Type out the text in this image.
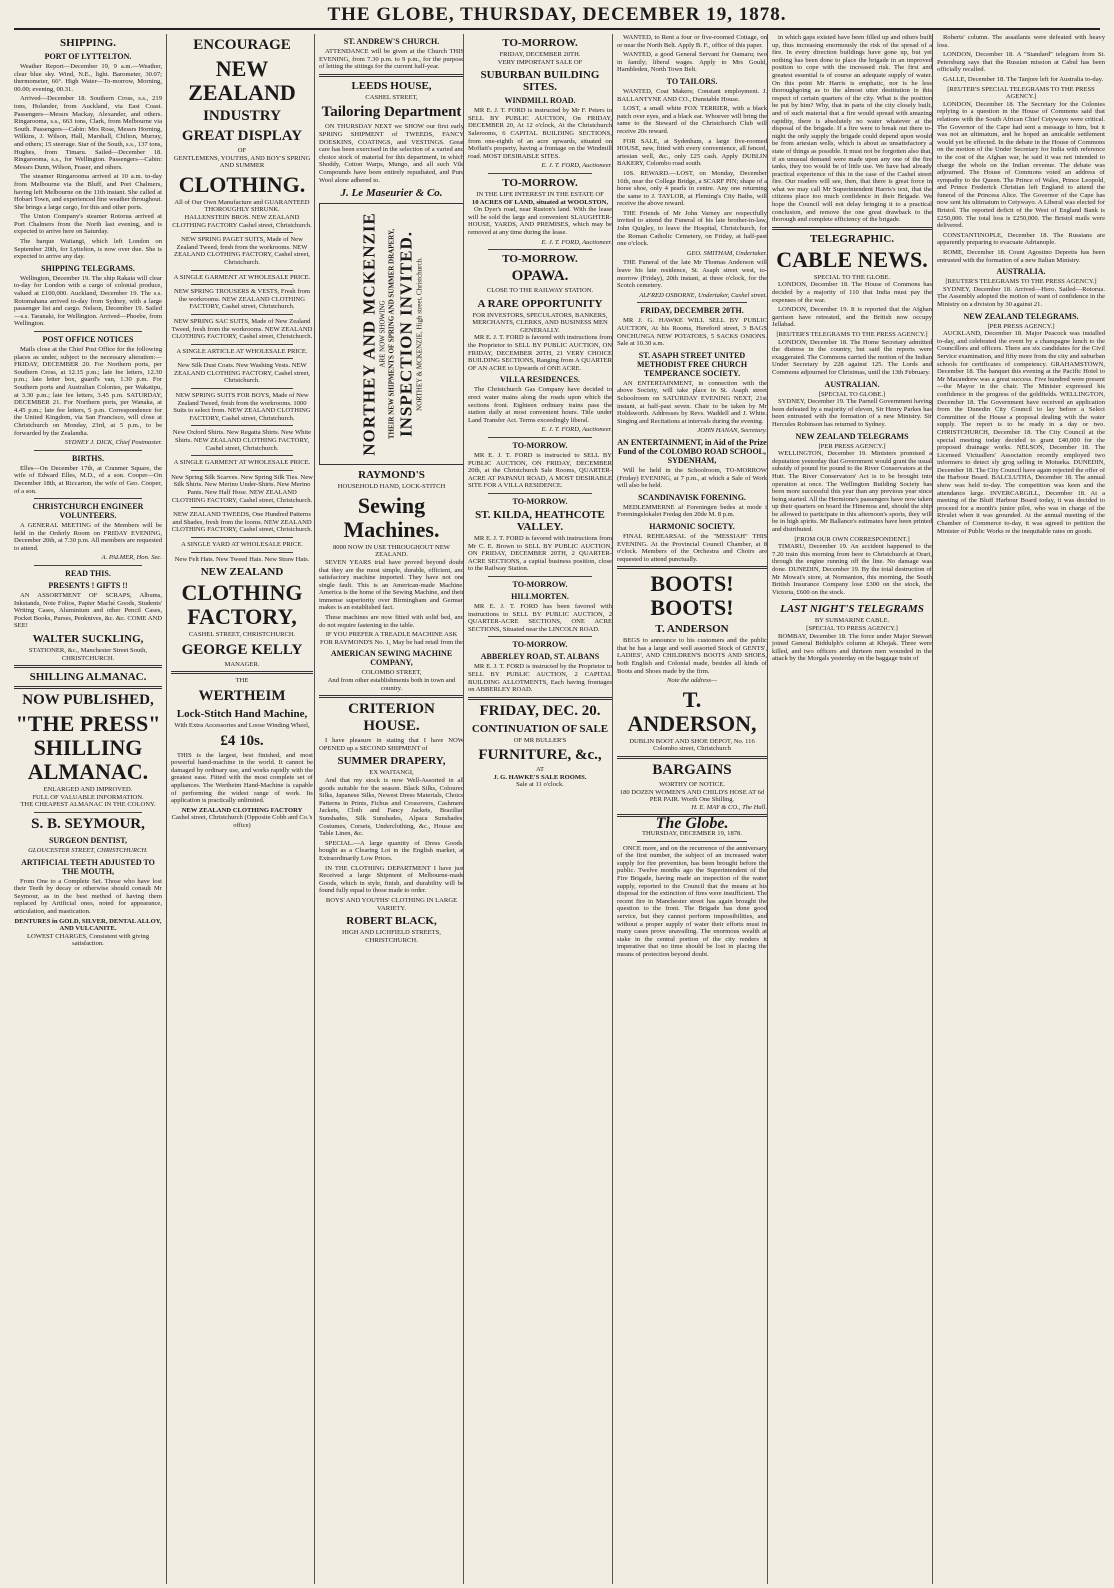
THE GLOBE, THURSDAY, DECEMBER 19, 1878.
SHIPPING.
PORT OF LYTTELTON.
Weather Report—December 19, 9 a.m.—Weather, clear blue sky. Wind, N.E., light. Barometer, 30.07; thermometer, 66°. High Water—To-morrow, Morning, 00.00; evening, 00.31.
Arrived—December 18. Southern Cross, s.s., 219 tons, Holander, from Auckland, via East Coast. Passengers—Messrs Mackay, Alexander, and others. Ringarooma, s.s., 663 tons, Clark, from Melbourne via South. Passengers—Cabin: Mrs Rose, Messrs Horning, Wilkins, J. Wilson, Hall, Marshall, Chilton, Murray, and others; 15 steerage. Star of the South, s.s., 137 tons, Hughes, from Timaru. Sailed—December 18. Ringarooma, s.s., for Wellington. Passengers—Cabin: Messrs Dunn, Wilson, Fraser, and others.
The steamer Ringarooma arrived at 10 a.m. to-day from Melbourne via the Bluff, and Port Chalmers, having left Melbourne on the 11th instant. She called at Hobart Town, and experienced fine weather throughout. She brings a large cargo, for this and other ports.
The Union Company's steamer Rotorua arrived at Port Chalmers from the North last evening, and is expected to arrive here on Saturday.
The barque Waitangi, which left London on September 20th, for Lyttelton, is now over due. She is expected to arrive any day.
SHIPPING TELEGRAMS.
Wellington, December 19. The ship Rakaia will clear to-day for London with a cargo of colonial produce, valued at £100,000. Auckland, December 19. The s.s. Rotomahana arrived to-day from Sydney, with a large passenger list and cargo. Nelson, December 19. Sailed—s.s. Taranaki, for Wellington. Arrived—Phoebe, from Wellington.
POST OFFICE NOTICES
Mails close at the Chief Post Office for the following places as under, subject to the necessary alteration:— FRIDAY, DECEMBER 20. For Northern ports, per Southern Cross, at 12.15 p.m.; late fee letters, 12.30 p.m.; late letter box, guard's van, 1.30 p.m. For Southern ports and Australian Colonies, per Wakatipu, at 3.30 p.m.; late fee letters, 3.45 p.m. SATURDAY, DECEMBER 21. For Northern ports, per Wanaka, at 4.45 p.m.; late fee letters, 5 p.m. Correspondence for the United Kingdom, via San Francisco, will close at Christchurch on Monday, 23rd, at 5 p.m., to be forwarded by the Zealandia.
SYDNEY J. DICK, Chief Postmaster.
BIRTHS.
Elles—On December 17th, at Cranmer Square, the wife of Edward Elles, M.D., of a son. Cooper—On December 18th, at Riccarton, the wife of Geo. Cooper, of a son.
CHRISTCHURCH ENGINEER VOLUNTEERS.
A GENERAL MEETING of the Members will be held in the Orderly Room on FRIDAY EVENING, December 20th, at 7.30 p.m. All members are requested to attend.
A. PALMER, Hon. Sec.
READ THIS.
PRESENTS ! GIFTS !!
AN ASSORTMENT OF SCRAPS, Albums, Inkstands, Note Folios, Papier Maché Goods, Students' Writing Cases, Aluminium and other Pencil Cases, Pocket Books, Purses, Penknives, &c. &c. COME AND SEE!
WALTER SUCKLING,
STATIONER, &c., Manchester Street South, CHRISTCHURCH.
SHILLING ALMANAC.
NOW PUBLISHED,
"THE PRESS" SHILLING ALMANAC.
ENLARGED AND IMPROVED.
FULL OF VALUABLE INFORMATION.
THE CHEAPEST ALMANAC IN THE COLONY.
S. B. SEYMOUR,
SURGEON DENTIST,
GLOUCESTER STREET, CHRISTCHURCH.
ARTIFICIAL TEETH ADJUSTED TO THE MOUTH,
From One to a Complete Set. Those who have lost their Teeth by decay or otherwise should consult Mr Seymour, as in the best method of having them replaced by Artificial ones, noted for appearance, articulation, and mastication.
DENTURES in GOLD, SILVER, DENTAL ALLOY, AND VULCANITE.
LOWEST CHARGES, Consistent with giving satisfaction.
ENCOURAGE
NEW ZEALAND
INDUSTRY
GREAT DISPLAY
OF
GENTLEMENS, YOUTHS, AND BOY'S SPRING AND SUMMER
CLOTHING.
All of Our Own Manufacture and GUARANTEED THOROUGHLY SHRUNK.
HALLENSTEIN BROS. NEW ZEALAND CLOTHING FACTORY Cashel street, Christchurch.
NEW SPRING PAGET SUITS, Made of New Zealand Tweed, fresh from the workrooms. NEW ZEALAND CLOTHING FACTORY, Cashel street, Christchurch.
A SINGLE GARMENT AT WHOLESALE PRICE.
NEW SPRING TROUSERS & VESTS, Fresh from the workrooms. NEW ZEALAND CLOTHING FACTORY, Cashel street, Christchurch.
NEW SPRING SAC SUITS, Made of New Zealand Tweed, fresh from the workrooms. NEW ZEALAND CLOTHING FACTORY, Cashel street, Christchurch.
A SINGLE ARTICLE AT WHOLESALE PRICE.
New Silk Dust Coats. New Washing Vests. NEW ZEALAND CLOTHING FACTORY, Cashel street, Christchurch.
NEW SPRING SUITS FOR BOYS, Made of New Zealand Tweed, fresh from the workrooms. 1000 Suits to select from. NEW ZEALAND CLOTHING FACTORY, Cashel street, Christchurch.
New Oxford Shirts. New Regatta Shirts. New White Shirts. NEW ZEALAND CLOTHING FACTORY, Cashel street, Christchurch.
A SINGLE GARMENT AT WHOLESALE PRICE.
New Spring Silk Scarves. New Spring Silk Ties. New Silk Shirts. New Merino Under-Shirts. New Merino Pants. New Half Hose. NEW ZEALAND CLOTHING FACTORY, Cashel street, Christchurch.
NEW ZEALAND TWEEDS, One Hundred Patterns and Shades, fresh from the looms. NEW ZEALAND CLOTHING FACTORY, Cashel street, Christchurch.
A SINGLE YARD AT WHOLESALE PRICE.
New Felt Hats. New Tweed Hats. New Straw Hats.
NEW ZEALAND
CLOTHING FACTORY,
CASHEL STREET, CHRISTCHURCH.
GEORGE KELLY
MANAGER.
THE
WERTHEIM
Lock-Stitch Hand Machine,
With Extra Accessories and Loose Winding Wheel,
£4 10s.
THIS is the largest, best finished, and most powerful hand-machine in the world. It cannot be damaged by ordinary use, and works rapidly with the greatest ease. Fitted with the most complete set of appliances. The Wertheim Hand-Machine is capable of performing the widest range of work. Its application is practically unlimited.
NEW ZEALAND CLOTHING FACTORY
Cashel street, Christchurch (Opposite Cobb and Co.'s office)
ST. ANDREW'S CHURCH.
ATTENDANCE will be given at the Church THIS EVENING, from 7.30 p.m. to 9 p.m., for the purpose of letting the sittings for the current half-year.
LEEDS HOUSE,
CASHEL STREET,
Tailoring Department
ON THURSDAY NEXT we SHOW our first early SPRING SHIPMENT of TWEEDS, FANCY DOESKINS, COATINGS, and VESTINGS. Great care has been exercised in the selection of a varied and choice stock of material for this department, in which Shoddy, Cotton Warps, Mungo, and all such Vile Compounds have been entirely repudiated, and Pure Wool alone adhered to.
J. Le Maseurier & Co.
NORTHEY AND MCKENZIE ARE NOW SHOWING THEIR NEW SHIPMENTS OF SPRING AND SUMMER DRAPERY, INSPECTION INVITED. NORTHEY & MCKENZIE, High street, Christchurch.
RAYMOND'S
HOUSEHOLD HAND, LOCK-STITCH
Sewing Machines.
8000 NOW IN USE THROUGHOUT NEW ZEALAND.
SEVEN YEARS trial have proved beyond doubt that they are the most simple, durable, efficient, and satisfactory machine imported. They have not one single fault. This is an American-made Machine. America is the home of the Sewing Machine, and their immense superiority over Birmingham and German makes is an established fact.
These machines are now fitted with solid bed, and do not require fastening to the table.
IF YOU PREFER A TREADLE MACHINE ASK FOR RAYMOND'S No. 1, May be had retail from the
AMERICAN SEWING MACHINE COMPANY,
COLOMBO STREET,
And from other establishments both in town and country.
CRITERION HOUSE.
I have pleasure in stating that I have NOW OPENED up a SECOND SHIPMENT of
SUMMER DRAPERY,
EX WAITANGI,
And that my stock is now Well-Assorted in all goods suitable for the season. Black Silks, Coloured Silks, Japanese Silks, Newest Dress Materials, Choice Patterns in Prints, Fichus and Crossovers, Cashmere Jackets, Cloth and Fancy Jackets, Brazilian Sunshades, Silk Sunshades, Alpaca Sunshades, Costumes, Corsets, Underclothing, &c., House and Table Linen, &c.
SPECIAL.—A large quantity of Dress Goods, bought as a Clearing Lot in the English market, at Extraordinarily Low Prices.
IN THE CLOTHING DEPARTMENT I have just Received a large Shipment of Melbourne-made Goods, which in style, finish, and durability will be found fully equal to those made to order.
BOYS' AND YOUTHS' CLOTHING IN LARGE VARIETY.
ROBERT BLACK,
HIGH AND LICHFIELD STREETS, CHRISTCHURCH.
TO-MORROW.
FRIDAY, DECEMBER 20TH.
VERY IMPORTANT SALE OF
SUBURBAN BUILDING SITES.
WINDMILL ROAD.
MR E. J. T. FORD is instructed by Mr F. Peters to SELL BY PUBLIC AUCTION, On FRIDAY, DECEMBER 20, At 12 o'clock, At the Christchurch Salerooms, 6 CAPITAL BUILDING SECTIONS, from one-eighth of an acre upwards, situated on Moffatt's property, having a frontage on the Windmill road. MOST DESIRABLE SITES.
E. J. T. FORD, Auctioneer.
TO-MORROW.
IN THE LIFE INTEREST IN THE ESTATE OF
10 ACRES OF LAND, situated at WOOLSTON,
On Dyer's road, near Ruston's land. With the lease will be sold the large and convenient SLAUGHTER-HOUSE, YARDS, AND PREMISES, which may be removed at any time during the lease.
E. J. T. FORD, Auctioneer.
TO-MORROW.
OPAWA.
CLOSE TO THE RAILWAY STATION.
A RARE OPPORTUNITY
FOR INVESTORS, SPECULATORS, BANKERS, MERCHANTS, CLERKS, AND BUSINESS MEN GENERALLY.
MR E. J. T. FORD is favored with instructions from the Proprietor to SELL BY PUBLIC AUCTION, ON FRIDAY, DECEMBER 20TH, 21 VERY CHOICE BUILDING SECTIONS, Ranging from A QUARTER OF AN ACRE to Upwards of ONE ACRE.
VILLA RESIDENCES.
The Christchurch Gas Company have decided to erect water mains along the roads upon which the sections front. Eighteen ordinary trains pass the station daily at most convenient hours. Title under Land Transfer Act. Terms exceedingly liberal.
E. J. T. FORD, Auctioneer.
TO-MORROW.
MR E. J. T. FORD is instructed to SELL BY PUBLIC AUCTION, ON FRIDAY, DECEMBER 20th, at the Christchurch Sale Rooms, QUARTER-ACRE AT PAPANUI ROAD, A MOST DESIRABLE SITE FOR A VILLA RESIDENCE.
TO-MORROW.
ST. KILDA, HEATHCOTE VALLEY.
MR E. J. T. FORD is favored with instructions from Mr C. E. Brown to SELL BY PUBLIC AUCTION, ON FRIDAY, DECEMBER 20TH, 2 QUARTER-ACRE SECTIONS, a capital business position, close to the Railway Station.
TO-MORROW.
HILLMORTEN.
MR E. J. T. FORD has been favored with instructions to SELL BY PUBLIC AUCTION, 2 QUARTER-ACRE SECTIONS, ONE ACRE SECTIONS, Situated near the LINCOLN ROAD.
TO-MORROW.
ABBERLEY ROAD, ST. ALBANS
MR E. J. T. FORD is instructed by the Proprietor to SELL BY PUBLIC AUCTION, 2 CAPITAL BUILDING ALLOTMENTS, Each having frontages on ABBERLEY ROAD.
FRIDAY, DEC. 20.
CONTINUATION OF SALE
OF MR BULLER'S
FURNITURE, &c.,
AT
J. G. HAWKE'S SALE ROOMS.
Sale at 11 o'clock.
WANTED, to Rent a four or five-roomed Cottage, on or near the North Belt. Apply B. F., office of this paper.
WANTED, a good General Servant for Oamaru; two in family; liberal wages. Apply to Mrs Gould, Hambleden, North Town Belt.
TO TAILORS.
WANTED, Coat Makers; Constant employment. J. BALLANTYNE AND CO., Dunstable House.
LOST, a small white FOX TERRIER, with a black patch over eyes, and a black ear. Whoever will bring the same to the Steward of the Christchurch Club will receive 20s reward.
FOR SALE, at Sydenham, a large five-roomed HOUSE, new, fitted with every convenience, all fenced, artesian well, &c., only £25 cash. Apply DUBLIN BAKERY, Colombo road south.
10S. REWARD.—LOST, on Monday, December 16th, near the College Bridge, a SCARF PIN; shape of a horse shoe, only 4 pearls in centre. Any one returning the same to J. TAYLOR, at Fleming's City Baths, will receive the above reward.
THE Friends of Mr John Varney are respectfully invited to attend the Funeral of his late brother-in-law, John Quigley, to leave the Hospital, Christchurch, for the Roman Catholic Cemetery, on Friday, at half-past one o'clock.
GEO. SMITHAM, Undertaker.
THE Funeral of the late Mr Thomas Anderson will leave his late residence, St. Asaph street west, to-morrow (Friday), 20th instant, at three o'clock, for the Scotch cemetery.
ALFRED OSBORNE, Undertaker, Cashel street.
FRIDAY, DECEMBER 20TH.
MR J. G. HAWKE WILL SELL BY PUBLIC AUCTION, At his Rooms, Hereford street, 3 BAGS ONCHUNGA NEW POTATOES, 5 SACKS ONIONS. Sale at 10.30 a.m.
ST. ASAPH STREET UNITED METHODIST FREE CHURCH TEMPERANCE SOCIETY.
AN ENTERTAINMENT, in connection with the above Society, will take place in St. Asaph street Schoolroom on SATURDAY EVENING NEXT, 21st instant, at half-past seven. Chair to be taken by Mr Holdsworth. Addresses by Revs. Waddell and J. White. Singing and Recitations at intervals during the evening.
JOHN HANAN, Secretary.
AN ENTERTAINMENT, in Aid of the Prize Fund of the COLOMBO ROAD SCHOOL, SYDENHAM,
Will be held in the Schoolroom, TO-MORROW (Friday) EVENING, at 7 p.m., at which a Sale of Work will also be held.
SCANDINAVISK FORENING.
MEDLEMMERNE af Foreningen bedes at mode i Foreningslokalet Fredag den 20de M. 8 p.m.
HARMONIC SOCIETY.
FINAL REHEARSAL of the "MESSIAH" THIS EVENING. At the Provincial Council Chamber, at 8 o'clock. Members of the Orchestra and Choirs are requested to attend punctually.
BOOTS! BOOTS!
T. ANDERSON
BEGS to announce to his customers and the public that he has a large and well assorted Stock of GENTS', LADIES', AND CHILDREN'S BOOTS AND SHOES, both English and Colonial made, besides all kinds of Boots and Shoes made by the firm.
Note the address—
T. ANDERSON,
DUBLIN BOOT AND SHOE DEPOT, No. 116 Colombo street, Christchurch
BARGAINS
WORTHY OF NOTICE.
180 DOZEN WOMEN'S AND CHILD'S HOSE AT 6d PER PAIR. Worth One Shilling.
H. E. MAY & CO., The Hall.
The Globe.
THURSDAY, DECEMBER 19, 1878.
ONCE more, and on the recurrence of the anniversary of the first number, the subject of an increased water supply for fire prevention, has been brought before the public. Twelve months ago the Superintendent of the Fire Brigade, having made an inspection of the water supply, reported to the Council that the means at his disposal for the extinction of fires were insufficient. The recent fire in Manchester street has again brought the question to the front. The Brigade has done good service, but they cannot perform impossibilities, and without a proper supply of water their efforts must in many cases prove unavailing. The enormous wealth at stake in the central portion of the city renders it imperative that no time should be lost in placing the means of protection beyond doubt.
in which gaps existed have been filled up and others built up, thus increasing enormously the risk of the spread of a fire. In every direction buildings have gone up, but yet nothing has been done to place the brigade in an improved position to cope with the increased risk. The first and greatest essential is of course an adequate supply of water. On this point Mr Harris is emphatic, nor is he less thoroughgoing as to the almost utter destitution in this respect of certain quarters of the city. What is the position he put by him? Why, that in parts of the city closely built, and of such material that a fire would spread with amazing rapidity, there is absolutely no water whatever at the disposal of the brigade. If a fire were to break out there to-night the only supply the brigade could depend upon would be from artesian wells, which is about as unsatisfactory a state of things as possible. It must not be forgotten also that, if an unusual demand were made upon any one of the fire tanks, they too would be of little use. We have had already practical experience of this in the case of the Cashel street fire. Our readers will see, then, that there is great force in what we may call Mr Superintendent Harris's text, that the citizens place too much confidence in their Brigade. We hope the Council will not delay bringing it to a practical conclusion, and remove the one great drawback to the thorough and complete efficiency of the brigade.
TELEGRAPHIC.
CABLE NEWS.
SPECIAL TO THE GLOBE.
LONDON, December 18. The House of Commons has decided by a majority of 110 that India must pay the expenses of the war.
LONDON, December 19. It is reported that the Afghan garrison have retreated, and the British now occupy Jellabad.
[REUTER'S TELEGRAMS TO THE PRESS AGENCY.]
LONDON, December 18. The Home Secretary admitted the distress in the country, but said the reports were exaggerated. The Commons carried the motion of the Indian Under Secretary by 228 against 125. The Lords and Commons adjourned for Christmas, until the 13th February.
AUSTRALIAN.
[SPECIAL TO GLOBE.]
SYDNEY, December 19. The Parnell Government having been defeated by a majority of eleven, Sir Henry Parkes has been entrusted with the formation of a new Ministry. Sir Hercules Robinson has returned to Sydney.
NEW ZEALAND TELEGRAMS
[PER PRESS AGENCY.]
WELLINGTON, December 19. Ministers promised a deputation yesterday that Government would grant the usual subsidy of pound for pound to the River Conservators at the Hutt. The River Conservators' Act is to be brought into operation at once. The Wellington Building Society has been more successful this year than any previous year since being started. All the Hermione's passengers have now taken up their quarters on board the Hinemoa and, should the ship be allowed to participate in this afternoon's sports, they will be in high spirits. Mr Ballance's estimates have been printed and distributed.
[FROM OUR OWN CORRESPONDENT.]
TIMARU, December 19. An accident happened to the 7.20 train this morning from here to Christchurch at Orari, through the engine running off the line. No damage was done. DUNEDIN, December 19. By the total destruction of Mr Mowat's store, at Normanton, this morning, the South British Insurance Company lose £300 on the stock, the Victoria, £600 on the stock.
LAST NIGHT'S TELEGRAMS
BY SUBMARINE CABLE.
[SPECIAL TO PRESS AGENCY.]
BOMBAY, December 18. The force under Major Stewart joined General Biddulph's column at Khojak. Three were killed, and two officers and thirteen men wounded in the attack by the Morgals yesterday on the baggage train of
Roberts' column. The assailants were defeated with heavy loss.
LONDON, December 18. A "Standard" telegram from St. Petersburg says that the Russian mission at Cabul has been officially recalled.
GALLE, December 18. The Tanjore left for Australia to-day.
[REUTER'S SPECIAL TELEGRAMS TO THE PRESS AGENCY.]
LONDON, December 18. The Secretary for the Colonies replying to a question in the House of Commons said that relations with the South African Chief Cetywayo were critical. The Governor of the Cape had sent a message to him, but it was not an ultimatum, and he hoped an amicable settlement would yet be effected. In the debate in the House of Commons on the motion of the Under Secretary for India with reference to the cost of the Afghan war, he said it was not intended to charge the whole on the Indian revenue. The debate was adjourned. The House of Commons voted an address of sympathy to the Queen. The Prince of Wales, Prince Leopold, and Prince Frederick Christian left England to attend the funeral of the Princess Alice. The Governor of the Cape has now sent his ultimatum to Cetywayo. A Liberal was elected for Bristol. The reported deficit of the West of England Bank is £250,000. The total loss is £250,000. The Bristol mails were delivered.
CONSTANTINOPLE, December 18. The Russians are apparently preparing to evacuate Adrianople.
ROME, December 18. Count Agostino Depretis has been entrusted with the formation of a new Italian Ministry.
AUSTRALIA.
[REUTER'S TELEGRAMS TO THE PRESS AGENCY.]
SYDNEY, December 18. Arrived—Hero. Sailed—Rotorua. The Assembly adopted the motion of want of confidence in the Ministry on a division by 30 against 21.
NEW ZEALAND TELEGRAMS.
[PER PRESS AGENCY.]
AUCKLAND, December 18. Major Peacock was installed to-day, and celebrated the event by a champagne lunch to the Councillors and officers. There are six candidates for the Civil Service examination, and fifty more from the city and suburban schools for certificates of competency. GRAHAMSTOWN, December 18. The banquet this evening at the Pacific Hotel to Mr Macandrew was a great success. Five hundred were present—the Mayor in the chair. The Minister expressed his confidence in the progress of the goldfields. WELLINGTON, December 18. The Government have received an application from the Dunedin City Council to lay before a Select Committee of the House a proposal dealing with the water supply. The report is to be ready in a day or two. CHRISTCHURCH, December 18. The City Council at the special meeting today decided to grant £40,000 for the proposed drainage works. NELSON, December 18. The Licensed Victuallers' Association recently employed two informers to detect sly grog selling in Motueka. DUNEDIN, December 18. The City Council have again rejected the offer of the Harbour Board. BALCLUTHA, December 18. The annual show was held to-day. The competition was keen and the attendance large. INVERCARGILL, December 18. At a meeting of the Bluff Harbour Board today, it was decided to proceed for a month's junior pilot, who was in charge of the Rivulet when it was grounded. At the annual meeting of the Chamber of Commerce to-day, it was agreed to petition the Minister of Public Works re the inequitable rates on goods.
